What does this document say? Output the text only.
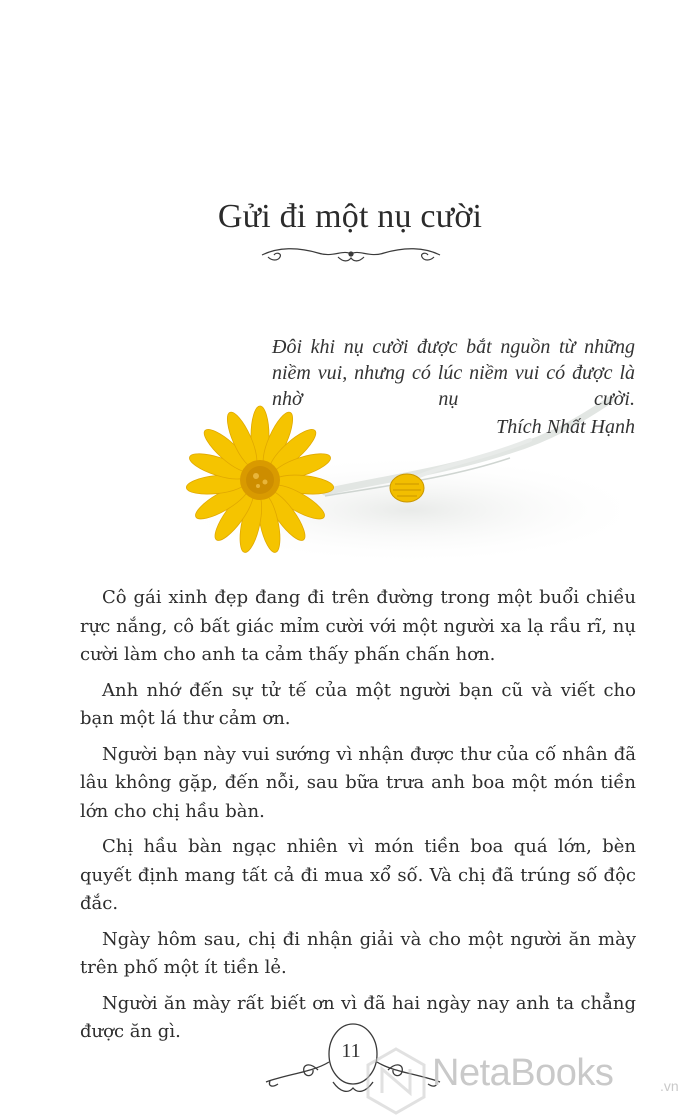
Gửi đi một nụ cười
Đôi khi nụ cười được bắt nguồn từ những niềm vui, nhưng có lúc niềm vui có được là nhờ nụ cười.
Thích Nhất Hạnh

Cô gái xinh đẹp đang đi trên đường trong một buổi chiều rực nắng, cô bất giác mỉm cười với một người xa lạ rầu rĩ, nụ cười làm cho anh ta cảm thấy phấn chấn hơn.

Anh nhớ đến sự tử tế của một người bạn cũ và viết cho bạn một lá thư cảm ơn.

Người bạn này vui sướng vì nhận được thư của cố nhân đã lâu không gặp, đến nỗi, sau bữa trưa anh boa một món tiền lớn cho chị hầu bàn.

Chị hầu bàn ngạc nhiên vì món tiền boa quá lớn, bèn quyết định mang tất cả đi mua xổ số. Và chị đã trúng số độc đắc.

Ngày hôm sau, chị đi nhận giải và cho một người ăn mày trên phố một ít tiền lẻ.

Người ăn mày rất biết ơn vì đã hai ngày nay anh ta chẳng được ăn gì.

11
NetaBooks	.vn
